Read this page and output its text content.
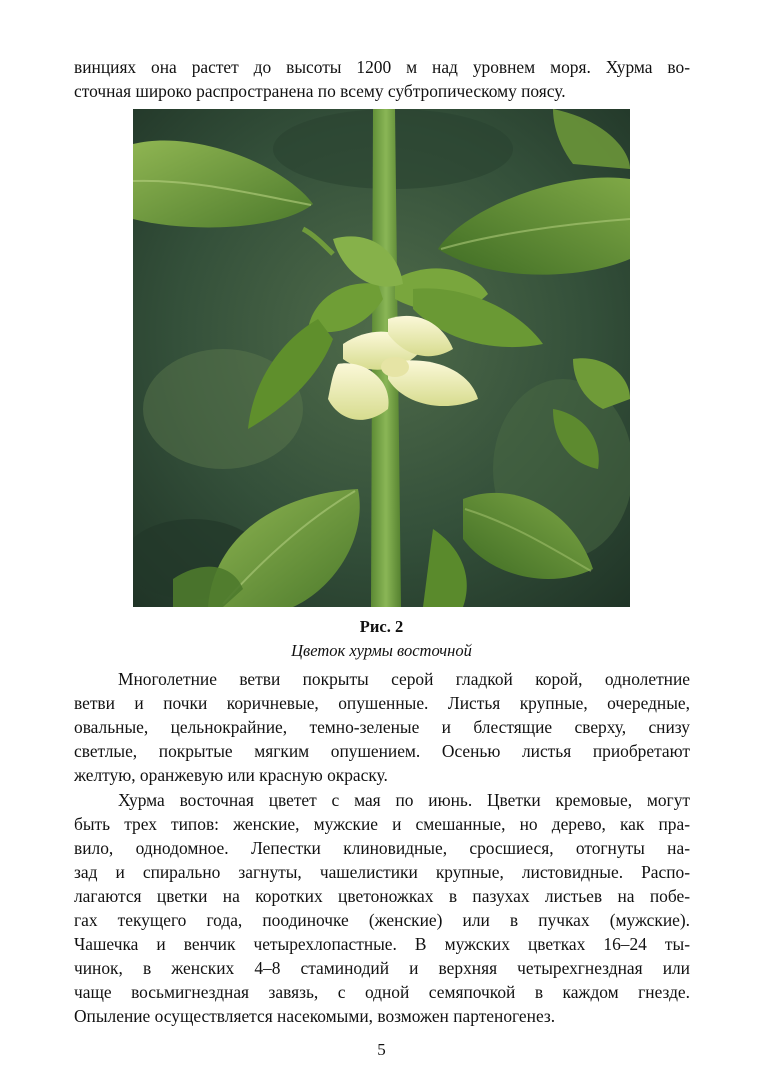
винциях она растет до высоты 1200 м над уровнем моря. Хурма во-
сточная широко распространена по всему субтропическому поясу.

Рис. 2
Цветок хурмы восточной

Многолетние ветви покрыты серой гладкой корой, однолетние
ветви и почки коричневые, опушенные. Листья крупные, очередные,
овальные, цельнокрайние, темно-зеленые и блестящие сверху, снизу
светлые, покрытые мягким опушением. Осенью листья приобретают
желтую, оранжевую или красную окраску.

Хурма восточная цветет с мая по июнь. Цветки кремовые, могут
быть трех типов: женские, мужские и смешанные, но дерево, как пра-
вило, однодомное. Лепестки клиновидные, сросшиеся, отогнуты на-
зад и спирально загнуты, чашелистики крупные, листовидные. Распо-
лагаются цветки на коротких цветоножках в пазухах листьев на побе-
гах текущего года, поодиночке (женские) или в пучках (мужские).
Чашечка и венчик четырехлопастные. В мужских цветках 16–24 ты-
чинок, в женских 4–8 стаминодий и верхняя четырехгнездная или
чаще восьмигнездная завязь, с одной семяпочкой в каждом гнезде.
Опыление осуществляется насекомыми, возможен партеногенез.

5
